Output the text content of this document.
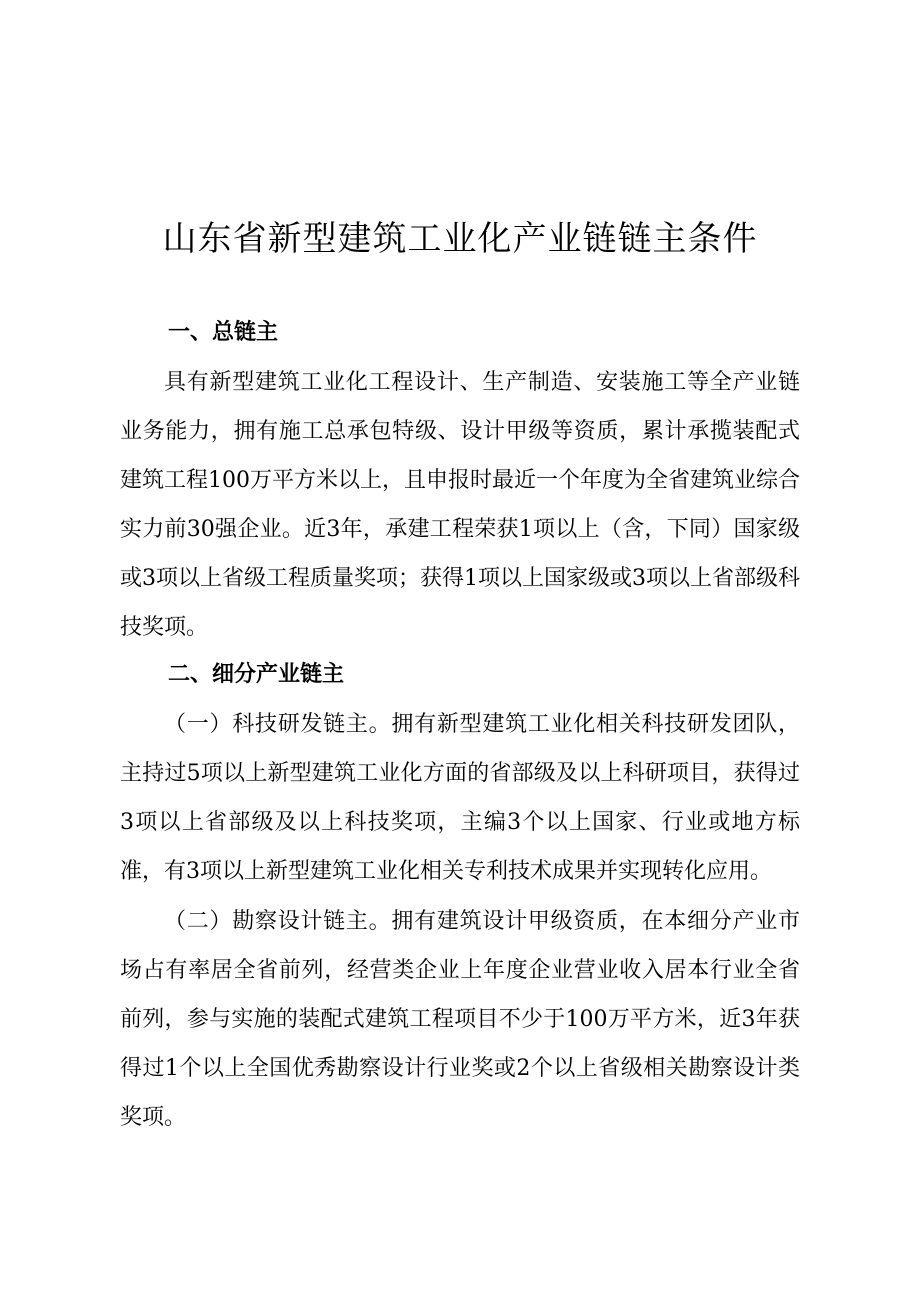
山东省新型建筑工业化产业链链主条件
一、总链主

具有新型建筑工业化工程设计、生产制造、安装施工等全产业链业务能力，拥有施工总承包特级、设计甲级等资质，累计承揽装配式建筑工程100万平方米以上，且申报时最近一个年度为全省建筑业综合实力前30强企业。近3年，承建工程荣获1项以上（含，下同）国家级或3项以上省级工程质量奖项；获得1项以上国家级或3项以上省部级科技奖项。

二、细分产业链主

（一）科技研发链主。拥有新型建筑工业化相关科技研发团队，主持过5项以上新型建筑工业化方面的省部级及以上科研项目，获得过3项以上省部级及以上科技奖项，主编3个以上国家、行业或地方标准，有3项以上新型建筑工业化相关专利技术成果并实现转化应用。

（二）勘察设计链主。拥有建筑设计甲级资质，在本细分产业市场占有率居全省前列，经营类企业上年度企业营业收入居本行业全省前列，参与实施的装配式建筑工程项目不少于100万平方米，近3年获得过1个以上全国优秀勘察设计行业奖或2个以上省级相关勘察设计类奖项。
